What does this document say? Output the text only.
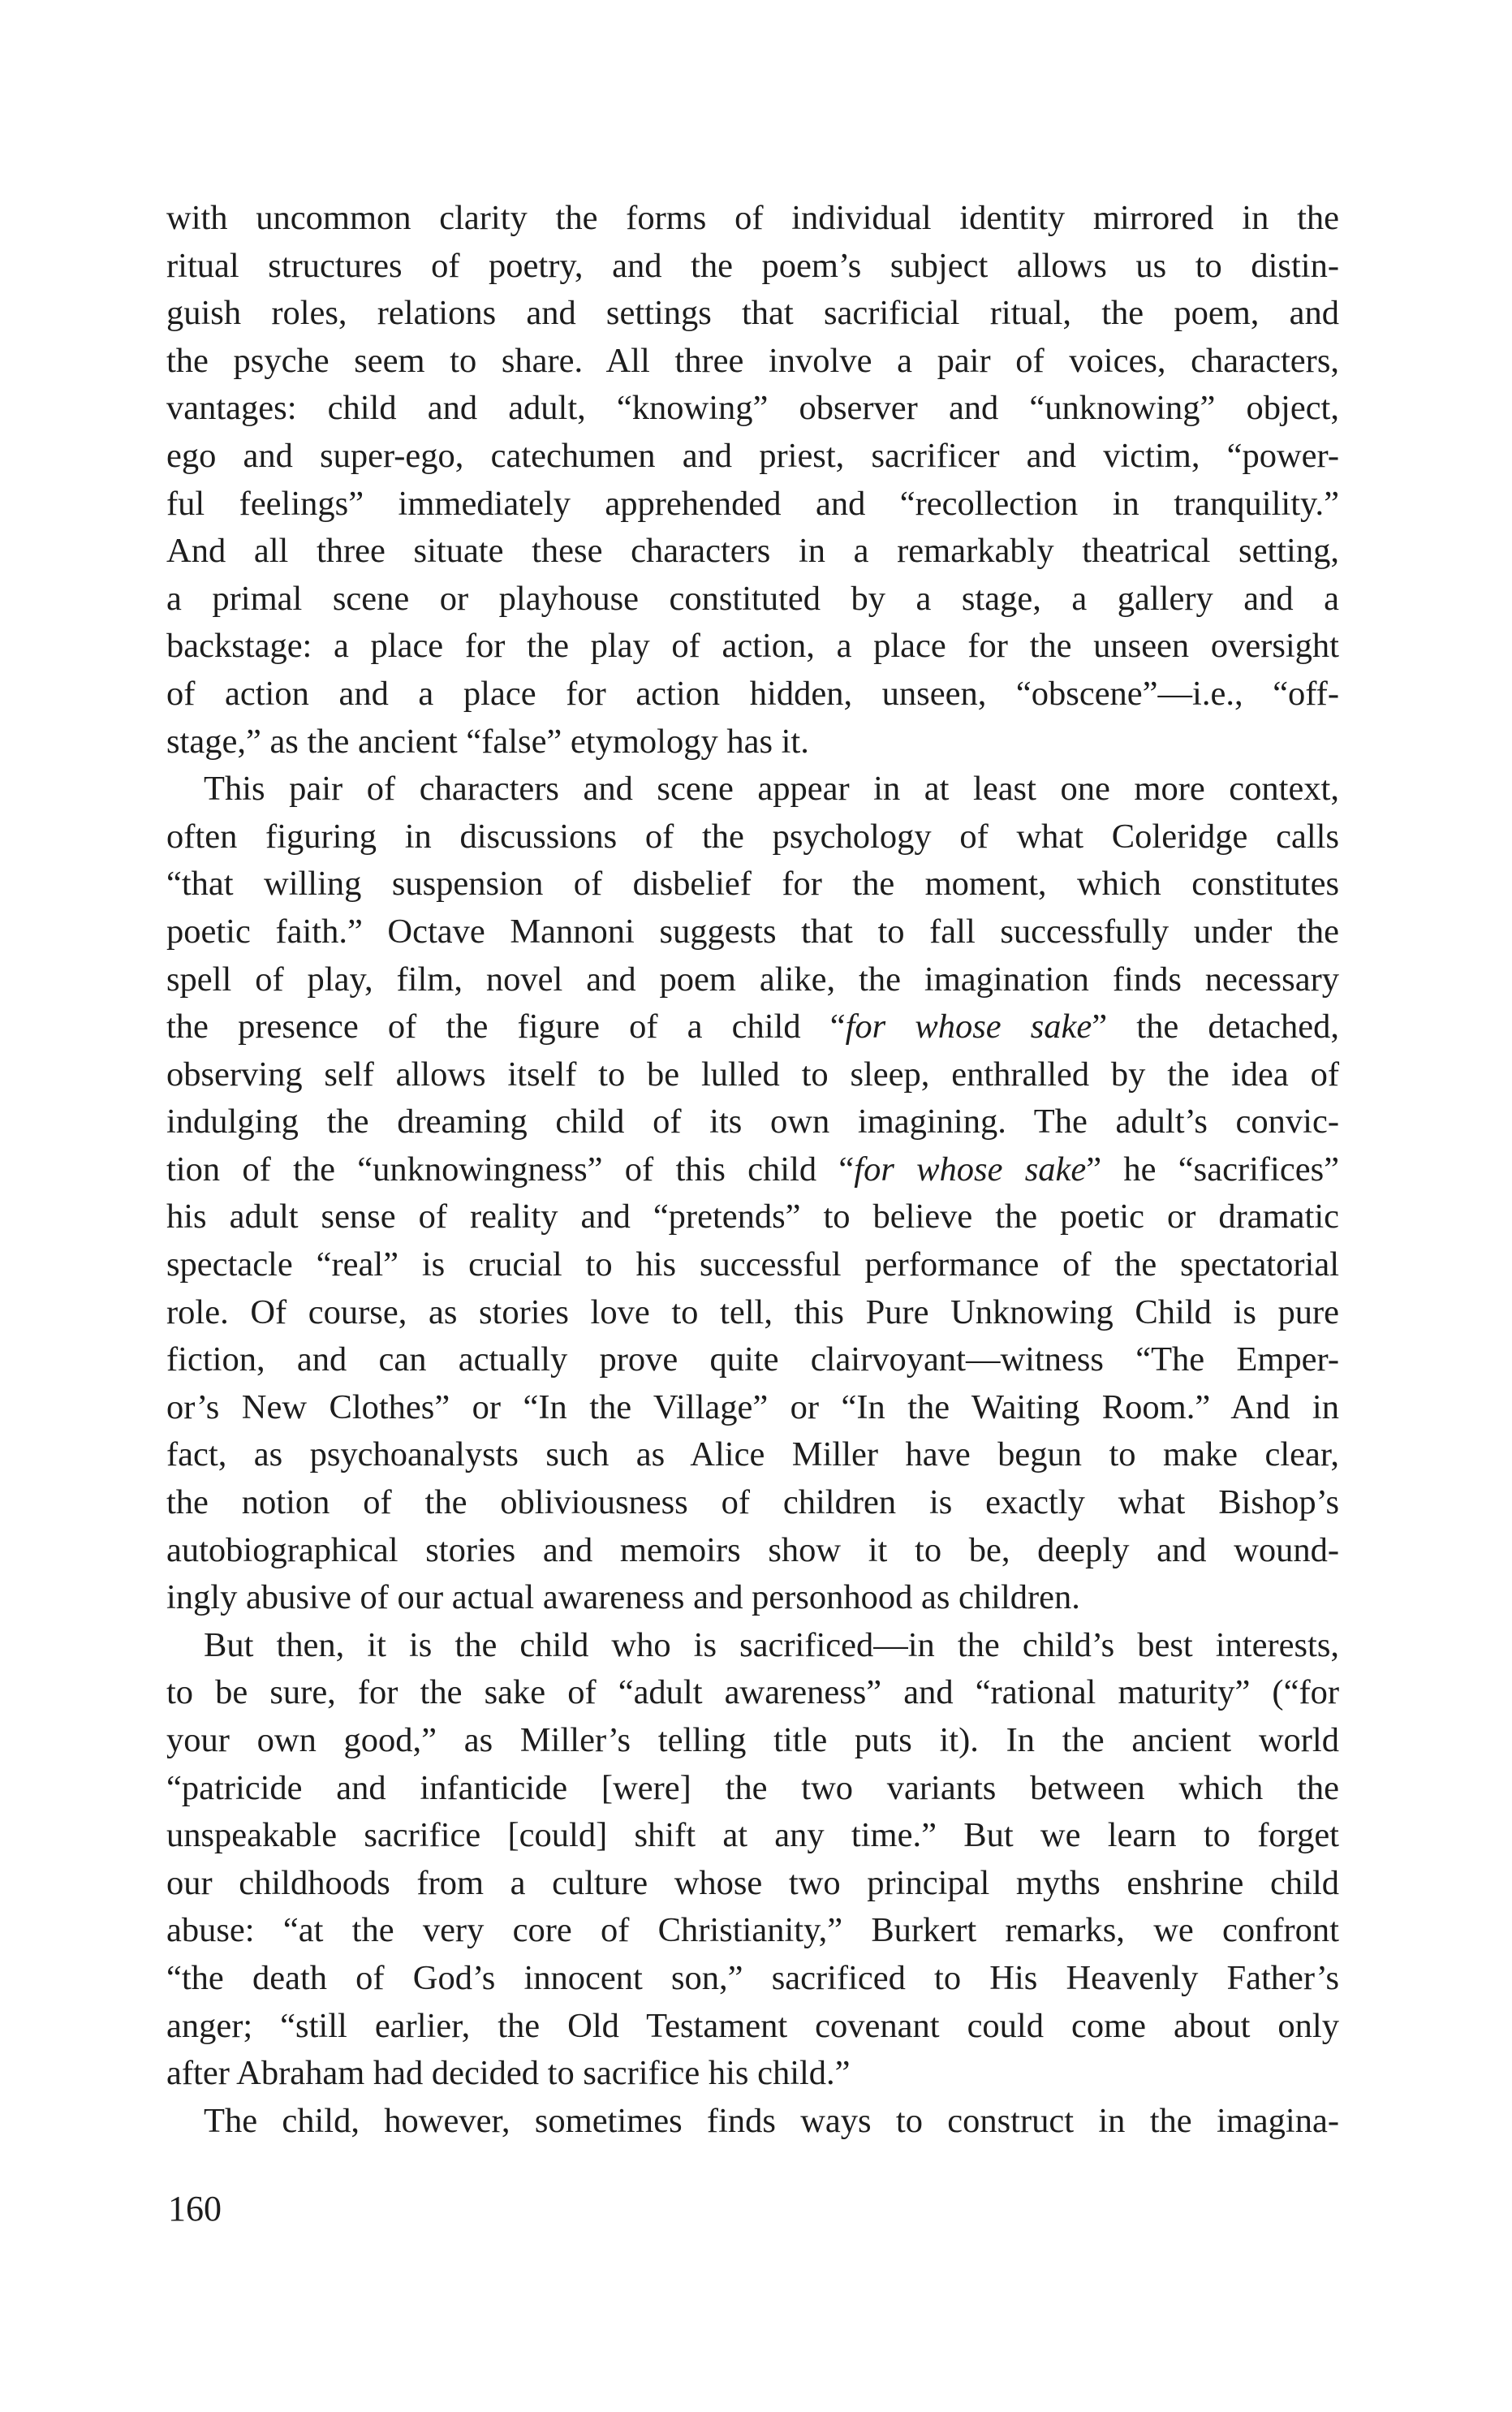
with uncommon clarity the forms of individual identity mirrored in the
ritual structures of poetry, and the poem’s subject allows us to distin-
guish roles, relations and settings that sacrificial ritual, the poem, and
the psyche seem to share. All three involve a pair of voices, characters,
vantages: child and adult, “knowing” observer and “unknowing” object,
ego and super-ego, catechumen and priest, sacrificer and victim, “power-
ful feelings” immediately apprehended and “recollection in tranquility.”
And all three situate these characters in a remarkably theatrical setting,
a primal scene or playhouse constituted by a stage, a gallery and a
backstage: a place for the play of action, a place for the unseen oversight
of action and a place for action hidden, unseen, “obscene”—i.e., “off-
stage,” as the ancient “false” etymology has it.
This pair of characters and scene appear in at least one more context,
often figuring in discussions of the psychology of what Coleridge calls
“that willing suspension of disbelief for the moment, which constitutes
poetic faith.” Octave Mannoni suggests that to fall successfully under the
spell of play, film, novel and poem alike, the imagination finds necessary
the presence of the figure of a child “for whose sake” the detached,
observing self allows itself to be lulled to sleep, enthralled by the idea of
indulging the dreaming child of its own imagining. The adult’s convic-
tion of the “unknowingness” of this child “for whose sake” he “sacrifices”
his adult sense of reality and “pretends” to believe the poetic or dramatic
spectacle “real” is crucial to his successful performance of the spectatorial
role. Of course, as stories love to tell, this Pure Unknowing Child is pure
fiction, and can actually prove quite clairvoyant—witness “The Emper-
or’s New Clothes” or “In the Village” or “In the Waiting Room.” And in
fact, as psychoanalysts such as Alice Miller have begun to make clear,
the notion of the obliviousness of children is exactly what Bishop’s
autobiographical stories and memoirs show it to be, deeply and wound-
ingly abusive of our actual awareness and personhood as children.
But then, it is the child who is sacrificed—in the child’s best interests,
to be sure, for the sake of “adult awareness” and “rational maturity” (“for
your own good,” as Miller’s telling title puts it). In the ancient world
“patricide and infanticide [were] the two variants between which the
unspeakable sacrifice [could] shift at any time.” But we learn to forget
our childhoods from a culture whose two principal myths enshrine child
abuse: “at the very core of Christianity,” Burkert remarks, we confront
“the death of God’s innocent son,” sacrificed to His Heavenly Father’s
anger; “still earlier, the Old Testament covenant could come about only
after Abraham had decided to sacrifice his child.”
The child, however, sometimes finds ways to construct in the imagina-
160
